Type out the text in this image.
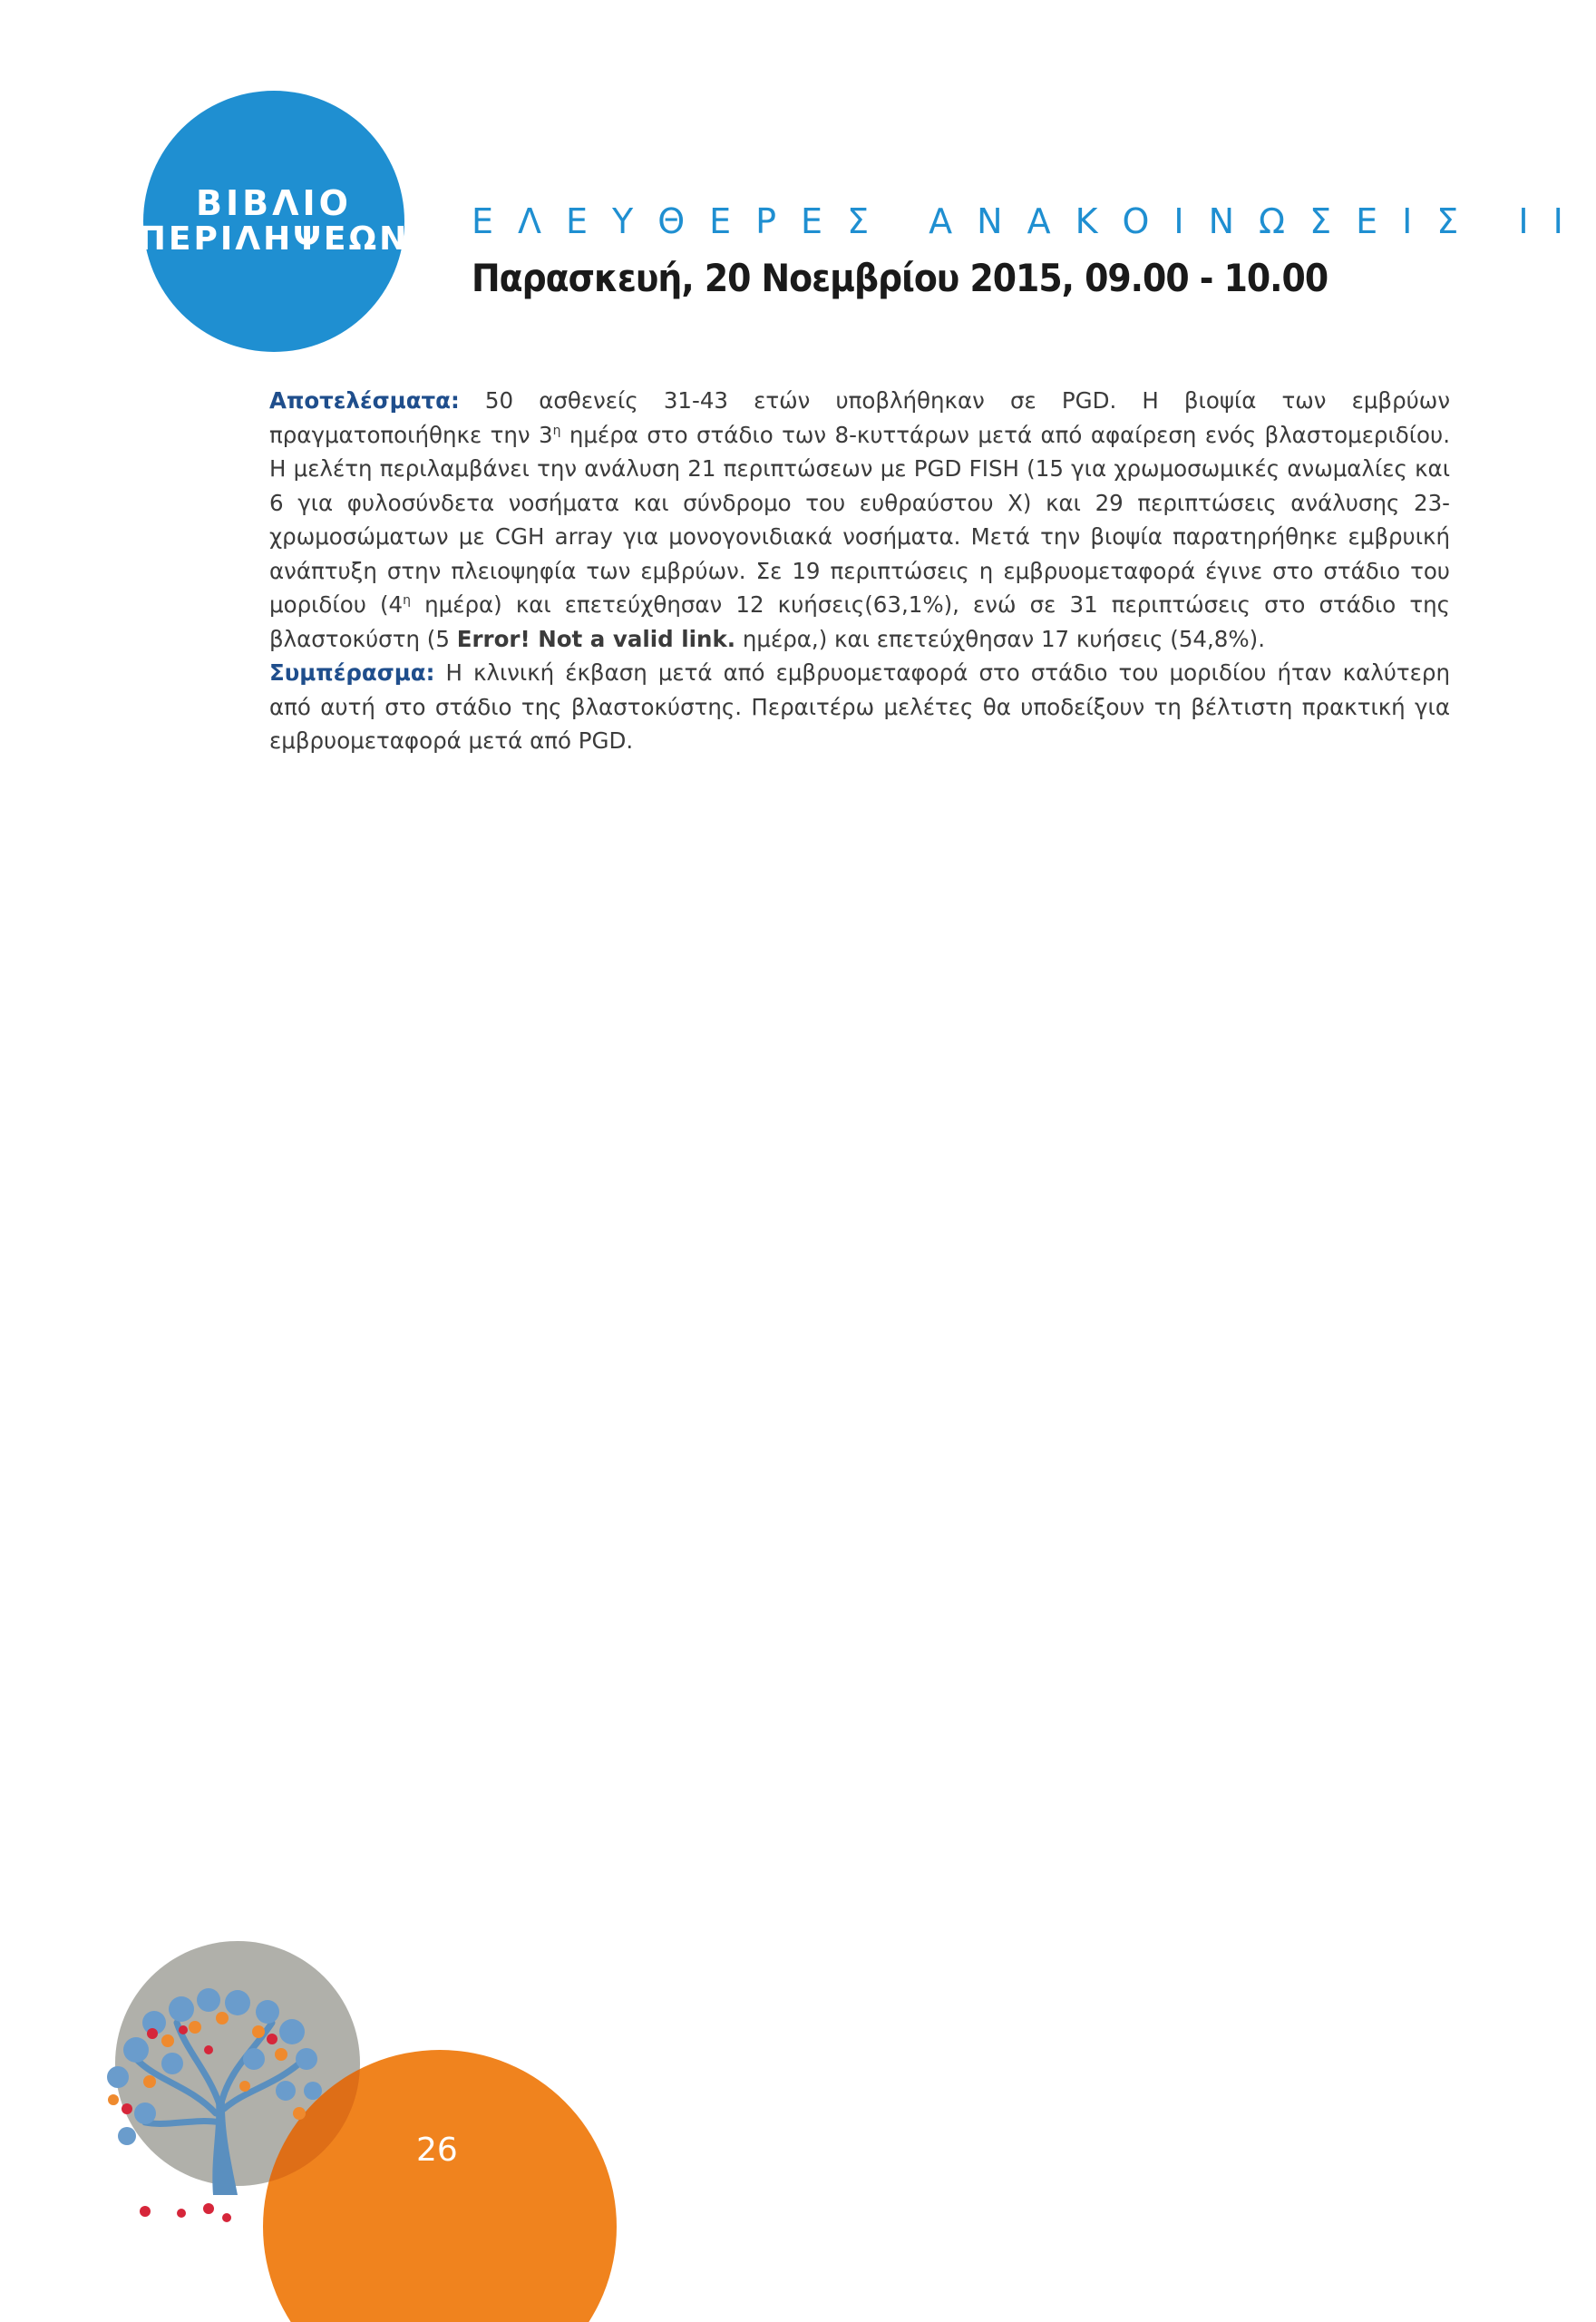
ΒΙΒΛΙΟ
ΠΕΡΙΛΗΨΕΩΝ ΕΛΕΥΘΕΡΕΣ ΑΝΑΚΟΙΝΩΣΕΙΣ ΙΙ
Παρασκευή, 20 Νοεμβρίου 2015, 09.00 - 10.00

Αποτελέσματα: 50 ασθενείς 31-43 ετών υποβλήθηκαν σε PGD. Η βιοψία των εμβρύων πραγματοποιήθηκε την $3^\eta$ ημέρα στο στάδιο των 8-κυττάρων μετά από αφαίρεση ενός βλαστομεριδίου. Η μελέτη περιλαμβάνει την ανάλυση 21 περιπτώσεων με PGD FISH (15 για χρωμοσωμικές ανωμαλίες και 6 για φυλοσύνδετα νοσήματα και σύνδρομο του ευθραύστου Χ) και 29 περιπτώσεις ανάλυσης 23-χρωμοσώματων με CGH array για μονογονιδιακά νοσήματα. Μετά την βιοψία παρατηρήθηκε εμβρυική ανάπτυξη στην πλειοψηφία των εμβρύων. Σε 19 περιπτώσεις η εμβρυομεταφορά έγινε στο στάδιο του μοριδίου ($4^\eta$ ημέρα) και επετεύχθησαν 12 κυήσεις(63,1%), ενώ σε 31 περιπτώσεις στο στάδιο της βλαστοκύστη (5 Error! Not a valid link. ημέρα,) και επετεύχθησαν 17 κυήσεις (54,8%).

Συμπέρασμα: Η κλινική έκβαση μετά από εμβρυομεταφορά στο στάδιο του μοριδίου ήταν καλύτερη από αυτή στο στάδιο της βλαστοκύστης. Περαιτέρω μελέτες θα υποδείξουν τη βέλτιστη πρακτική για εμβρυομεταφορά μετά από PGD.

26
